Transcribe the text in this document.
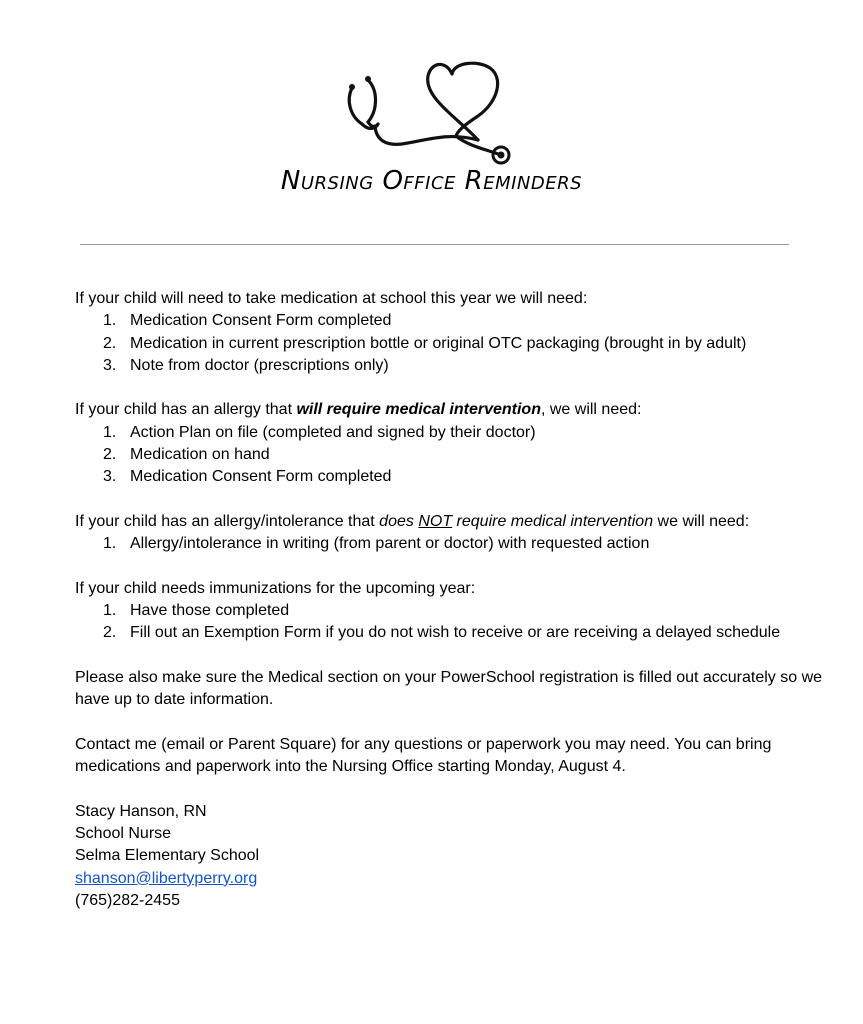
Nursing Office Reminders

If your child will need to take medication at school this year we will need:

1. Medication Consent Form completed
2. Medication in current prescription bottle or original OTC packaging (brought in by adult)
3. Note from doctor (prescriptions only)

If your child has an allergy that will require medical intervention, we will need:

1. Action Plan on file (completed and signed by their doctor)
2. Medication on hand
3. Medication Consent Form completed

If your child has an allergy/intolerance that does NOT require medical intervention we will need:

1. Allergy/intolerance in writing (from parent or doctor) with requested action

If your child needs immunizations for the upcoming year:

1. Have those completed
2. Fill out an Exemption Form if you do not wish to receive or are receiving a delayed schedule

Please also make sure the Medical section on your PowerSchool registration is filled out accurately so we have up to date information.

Contact me (email or Parent Square) for any questions or paperwork you may need. You can bring medications and paperwork into the Nursing Office starting Monday, August 4.

Stacy Hanson, RN

School Nurse

Selma Elementary School

shanson@libertyperry.org

(765)282-2455
